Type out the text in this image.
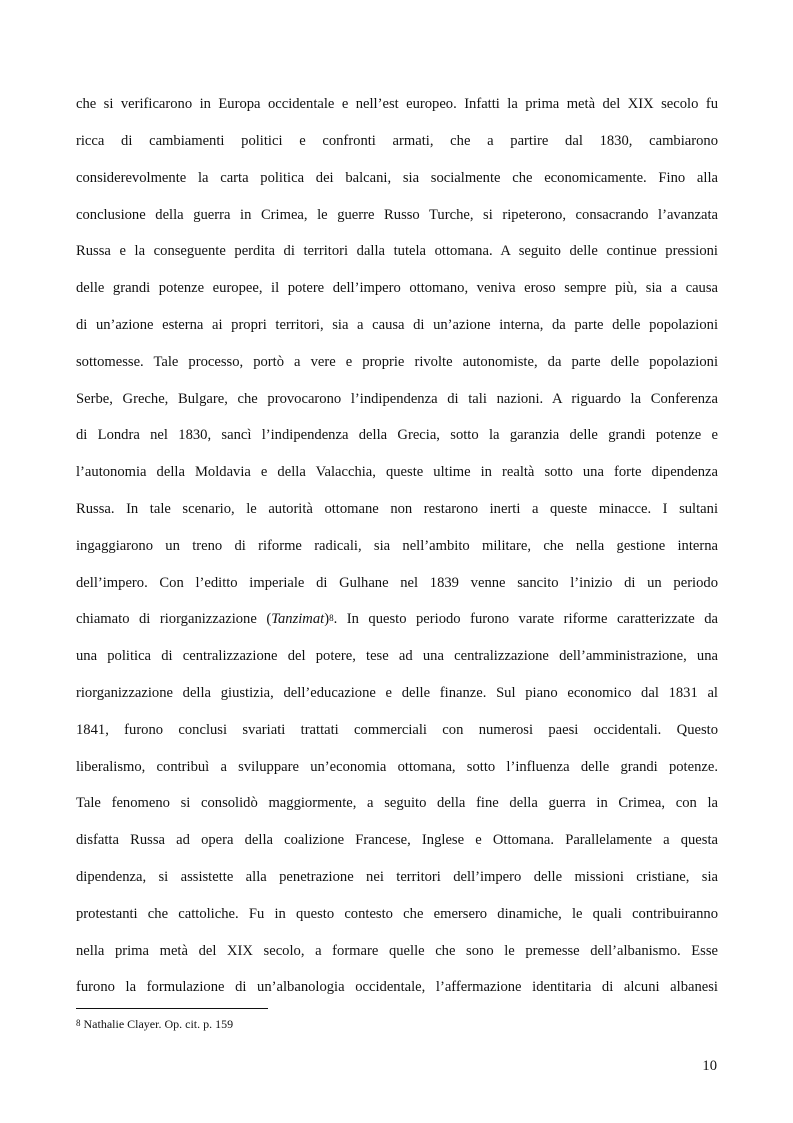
che si verificarono in Europa occidentale e nell’est europeo. Infatti la prima metà del XIX secolo fu
ricca di cambiamenti politici e confronti armati, che a partire dal 1830, cambiarono
considerevolmente la carta politica dei balcani, sia socialmente che economicamente. Fino alla
conclusione della guerra in Crimea, le guerre Russo Turche, si ripeterono, consacrando l’avanzata
Russa e la conseguente perdita di territori dalla tutela ottomana. A seguito delle continue pressioni
delle grandi potenze europee, il potere dell’impero ottomano, veniva eroso sempre più, sia a causa
di un’azione esterna ai propri territori, sia a causa di un’azione interna, da parte delle popolazioni
sottomesse. Tale processo, portò a vere e proprie rivolte autonomiste, da parte delle popolazioni
Serbe, Greche, Bulgare, che provocarono l’indipendenza di tali nazioni. A riguardo la Conferenza
di Londra nel 1830, sancì l’indipendenza della Grecia, sotto la garanzia delle grandi potenze e
l’autonomia della Moldavia e della Valacchia, queste ultime in realtà sotto una forte dipendenza
Russa. In tale scenario, le autorità ottomane non restarono inerti a queste minacce. I sultani
ingaggiarono un treno di riforme radicali, sia nell’ambito militare, che nella gestione interna
dell’impero. Con l’editto imperiale di Gulhane nel 1839 venne sancito l’inizio di un periodo
chiamato di riorganizzazione (Tanzimat)$^8$. In questo periodo furono varate riforme caratterizzate da
una politica di centralizzazione del potere, tese ad una centralizzazione dell’amministrazione, una
riorganizzazione della giustizia, dell’educazione e delle finanze. Sul piano economico dal 1831 al
1841, furono conclusi svariati trattati commerciali con numerosi paesi occidentali. Questo
liberalismo, contribuì a sviluppare un’economia ottomana, sotto l’influenza delle grandi potenze.
Tale fenomeno si consolidò maggiormente, a seguito della fine della guerra in Crimea, con la
disfatta Russa ad opera della coalizione Francese, Inglese e Ottomana. Parallelamente a questa
dipendenza, si assistette alla penetrazione nei territori dell’impero delle missioni cristiane, sia
protestanti che cattoliche. Fu in questo contesto che emersero dinamiche, le quali contribuiranno
nella prima metà del XIX secolo, a formare quelle che sono le premesse dell’albanismo. Esse
furono la formulazione di un’albanologia occidentale, l’affermazione identitaria di alcuni albanesi
$^8$ Nathalie Clayer. Op. cit. p. 159
10
